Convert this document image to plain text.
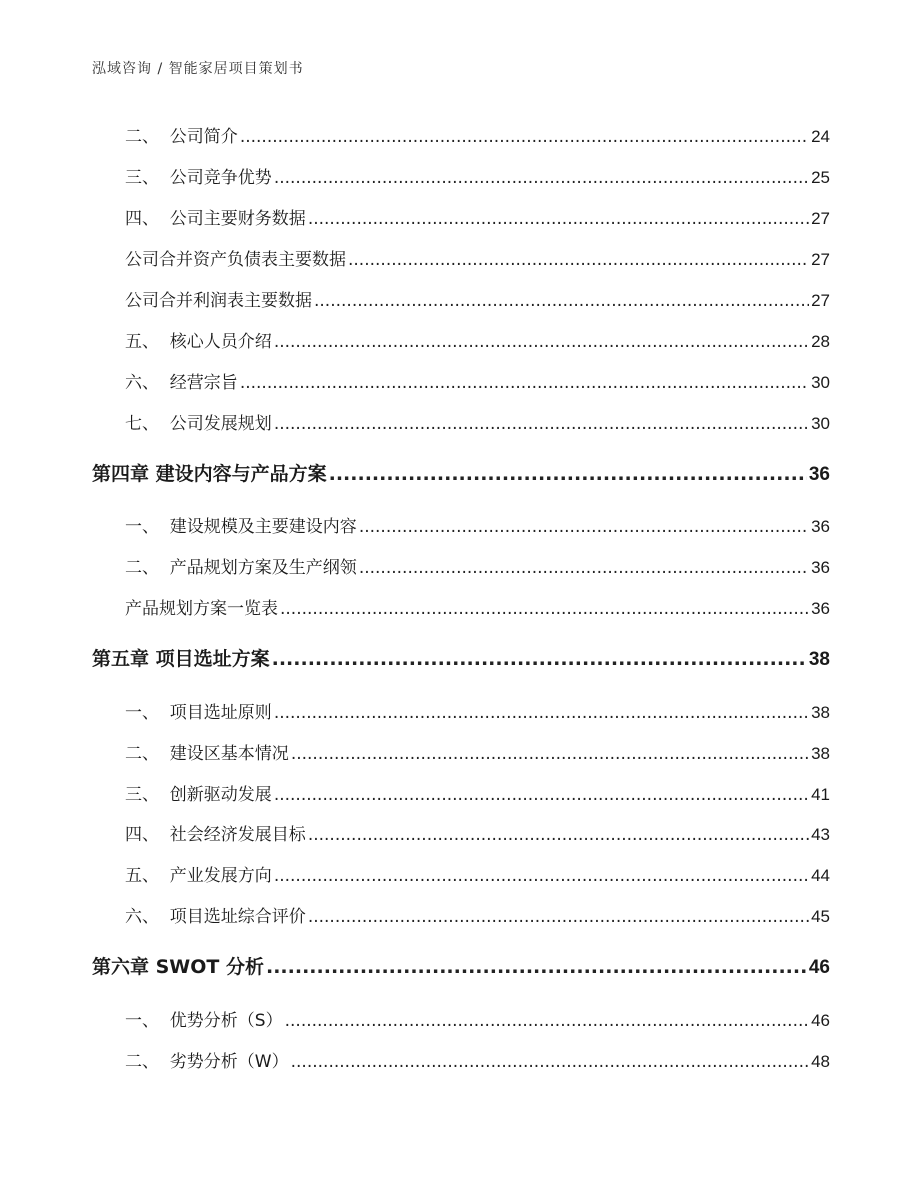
泓域咨询 / 智能家居项目策划书
二、  公司简介 .....	24
三、  公司竞争优势 .....	25
四、  公司主要财务数据 .....	27
公司合并资产负债表主要数据 .....	27
公司合并利润表主要数据 .....	27
五、  核心人员介绍 .....	28
六、  经营宗旨 .....	30
七、  公司发展规划 .....	30
第四章 建设内容与产品方案 .....	36
一、  建设规模及主要建设内容 .....	36
二、  产品规划方案及生产纲领 .....	36
产品规划方案一览表 .....	36
第五章 项目选址方案 .....	38
一、  项目选址原则 .....	38
二、  建设区基本情况 .....	38
三、  创新驱动发展 .....	41
四、  社会经济发展目标 .....	43
五、  产业发展方向 .....	44
六、  项目选址综合评价 .....	45
第六章 SWOT 分析 .....	46
一、  优势分析（S） .....	46
二、  劣势分析（W） .....	48
